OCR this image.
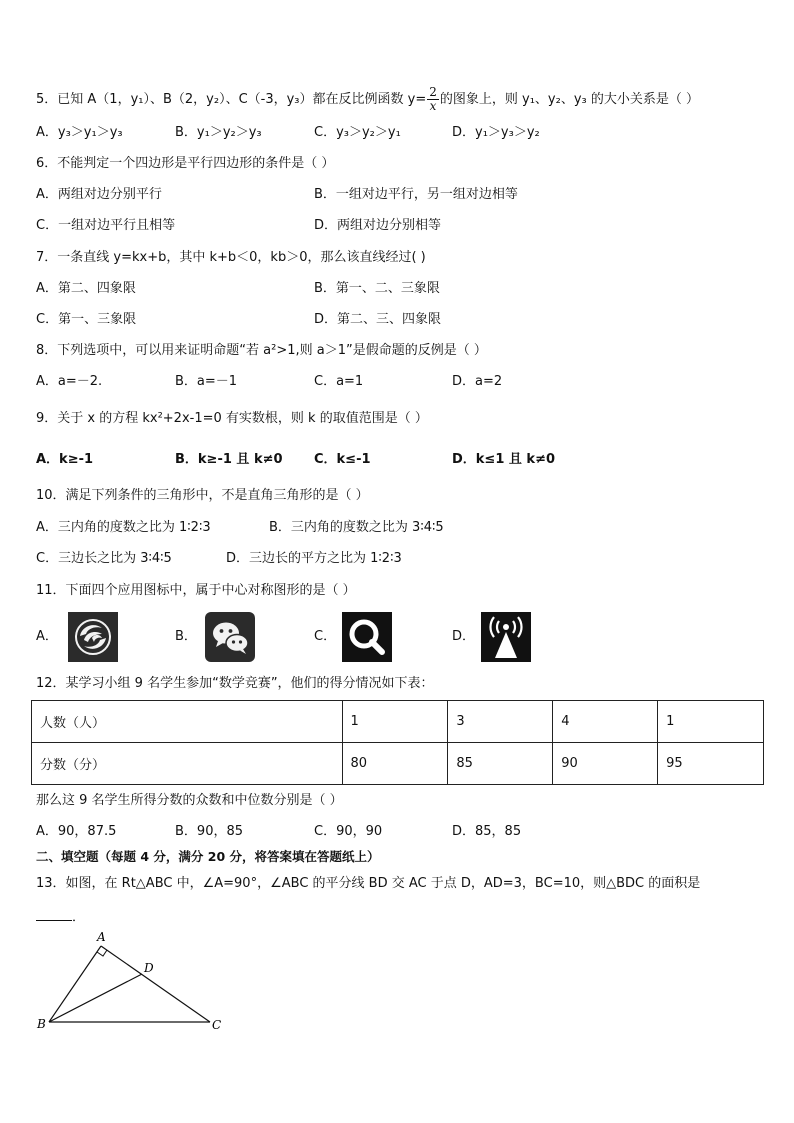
5．已知 A（1，y₁）、B（2，y₂）、C（-3，y₃）都在反比例函数 $y= \frac{2}{x}$ 的图象上，则 y₁、y₂、y₃ 的大小关系是（ ）
A．y₃＞y₁＞y₃	B．y₁＞y₂＞y₃	C．y₃＞y₂＞y₁	D．y₁＞y₃＞y₂
6．不能判定一个四边形是平行四边形的条件是（ ）
A．两组对边分别平行	B．一组对边平行，另一组对边相等
C．一组对边平行且相等	D．两组对边分别相等
7．一条直线 y=kx+b，其中 k+b＜0，kb＞0，那么该直线经过( )
A．第二、四象限	B．第一、二、三象限
C．第一、三象限	D．第二、三、四象限
8．下列选项中，可以用来证明命题“若 a²>1,则 a＞1”是假命题的反例是（ ）
A．a=－2.	B．a=－1	C．a=1	D．a=2
9．关于 x 的方程 kx²+2x-1=0 有实数根，则 k 的取值范围是（ ）
A．k≥-1	B．k≥-1 且 k≠0 C．k≤-1	D．k≤1 且 k≠0
10．满足下列条件的三角形中，不是直角三角形的是（ ）
A．三内角的度数之比为 1∶2∶3	B．三内角的度数之比为 3∶4∶5
C．三边长之比为 3∶4∶5	D．三边长的平方之比为 1∶2∶3
11．下面四个应用图标中，属于中心对称图形的是（ ）
A．	B．	C．	D．
12．某学习小组 9 名学生参加“数学竞赛”，他们的得分情况如下表：
人数（人）	1	3	4	1
分数（分）	80	85	90	95
那么这 9 名学生所得分数的众数和中位数分别是（ ）
A．90，87.5	B．90，85	C．90，90	D．85，85
二、填空题（每题 4 分，满分 20 分，将答案填在答题纸上）
13．如图，在 Rt△ABC 中，∠A=90°，∠ABC 的平分线 BD 交 AC 于点 D，AD=3，BC=10，则△BDC 的面积是
．
A
D
B	C
